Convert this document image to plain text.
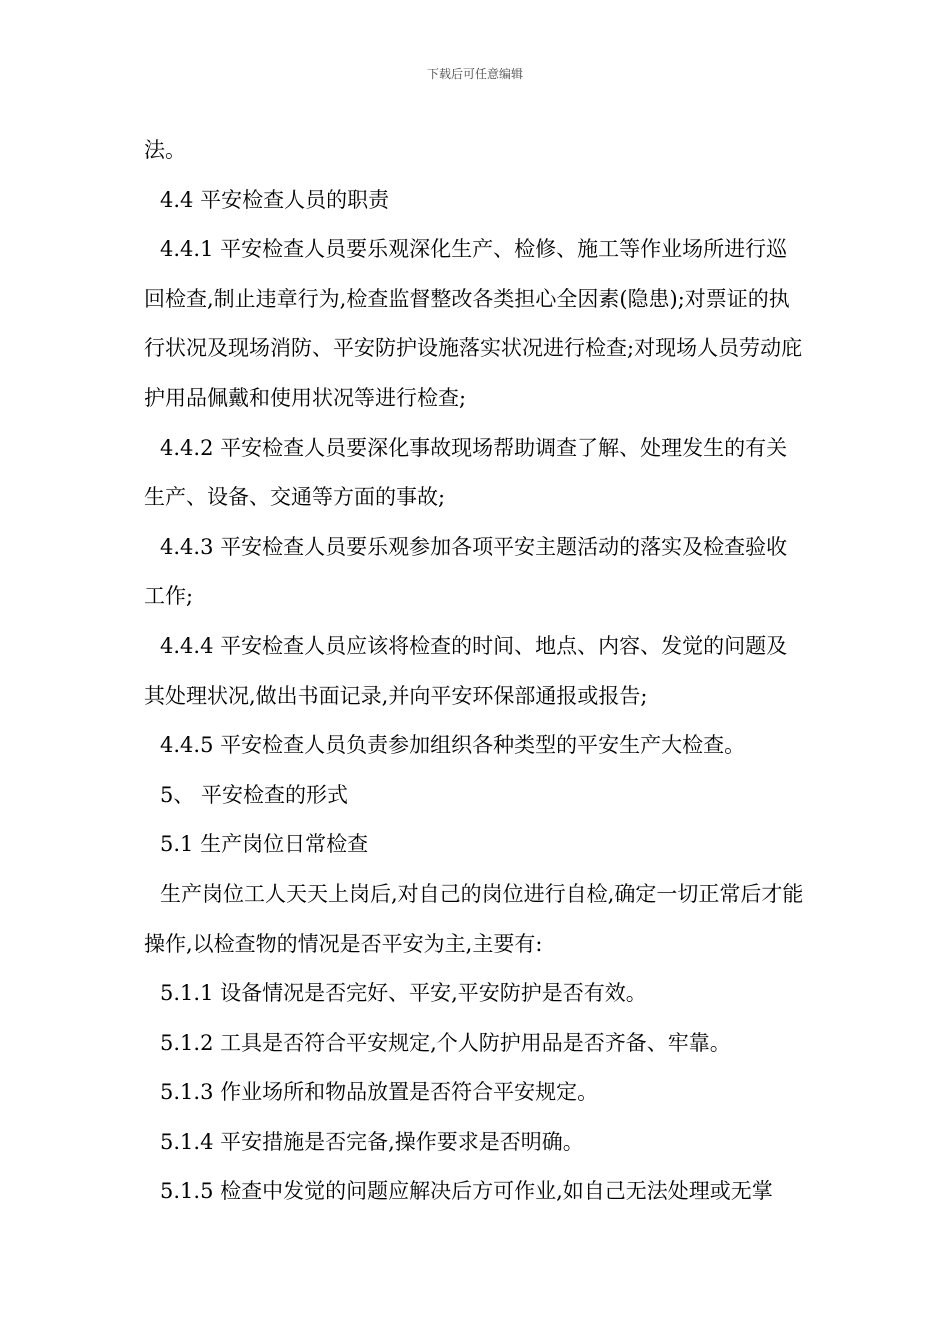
下载后可任意编辑

法。

4.4 平安检查人员的职责

4.4.1 平安检查人员要乐观深化生产、检修、施工等作业场所进行巡回检查,制止违章行为,检查监督整改各类担心全因素(隐患);对票证的执行状况及现场消防、平安防护设施落实状况进行检查;对现场人员劳动庇护用品佩戴和使用状况等进行检查;

4.4.2 平安检查人员要深化事故现场帮助调查了解、处理发生的有关生产、设备、交通等方面的事故;

4.4.3 平安检查人员要乐观参加各项平安主题活动的落实及检查验收工作;

4.4.4 平安检查人员应该将检查的时间、地点、内容、发觉的问题及其处理状况,做出书面记录,并向平安环保部通报或报告;

4.4.5 平安检查人员负责参加组织各种类型的平安生产大检查。

5、 平安检查的形式

5.1 生产岗位日常检查

生产岗位工人天天上岗后,对自己的岗位进行自检,确定一切正常后才能操作,以检查物的情况是否平安为主,主要有:

5.1.1 设备情况是否完好、平安,平安防护是否有效。

5.1.2 工具是否符合平安规定,个人防护用品是否齐备、牢靠。

5.1.3 作业场所和物品放置是否符合平安规定。

5.1.4 平安措施是否完备,操作要求是否明确。

5.1.5 检查中发觉的问题应解决后方可作业,如自己无法处理或无掌
